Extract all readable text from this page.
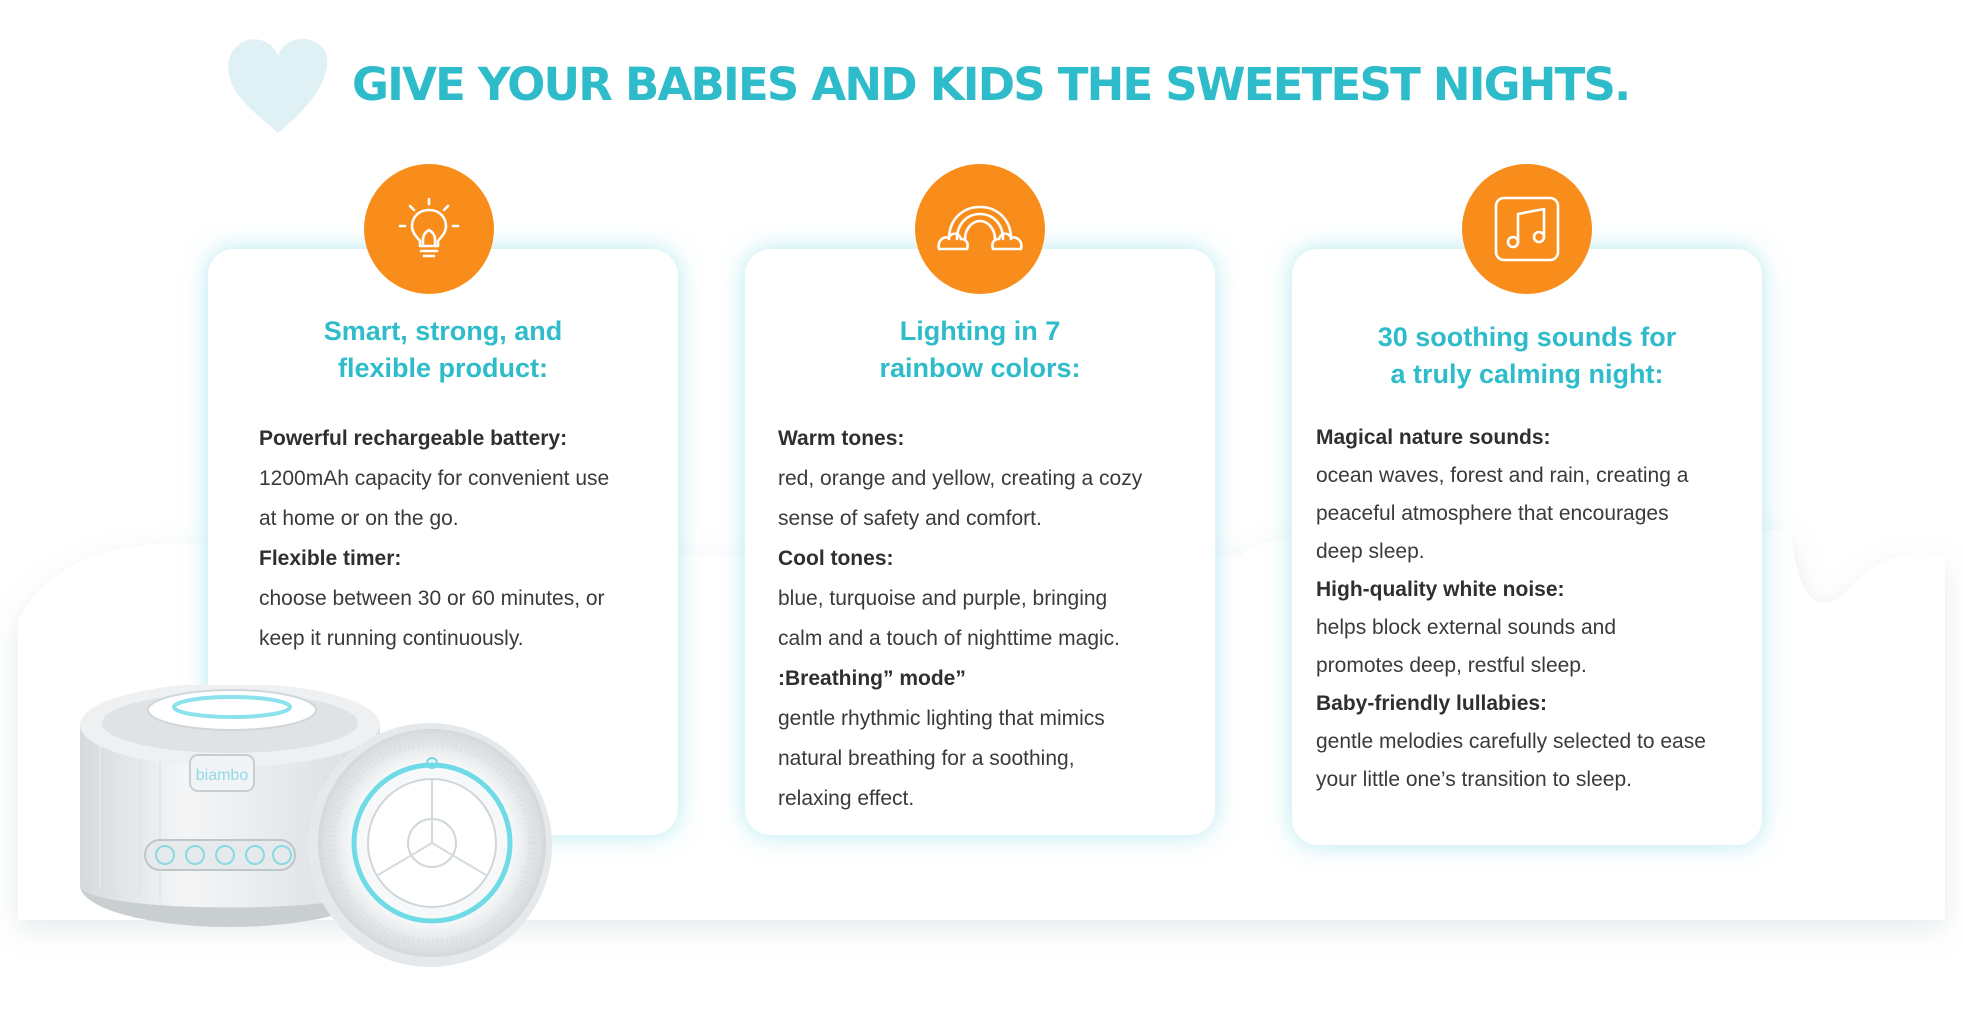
GIVE YOUR BABIES AND KIDS THE SWEETEST NIGHTS.
Smart, strong, and
flexible product:

Powerful rechargeable battery:

1200mAh capacity for convenient use

at home or on the go.

Flexible timer:

choose between 30 or 60 minutes, or

keep it running continuously.

Lighting in 7
rainbow colors:

Warm tones:

red, orange and yellow, creating a cozy

sense of safety and comfort.

Cool tones:

blue, turquoise and purple, bringing

calm and a touch of nighttime magic.

:Breathing” mode”

gentle rhythmic lighting that mimics

natural breathing for a soothing,

relaxing effect.

30 soothing sounds for
a truly calming night:

Magical nature sounds:

ocean waves, forest and rain, creating a

peaceful atmosphere that encourages

deep sleep.

High-quality white noise:

helps block external sounds and

promotes deep, restful sleep.

Baby-friendly lullabies:

gentle melodies carefully selected to ease

your little one’s transition to sleep.

biambo
